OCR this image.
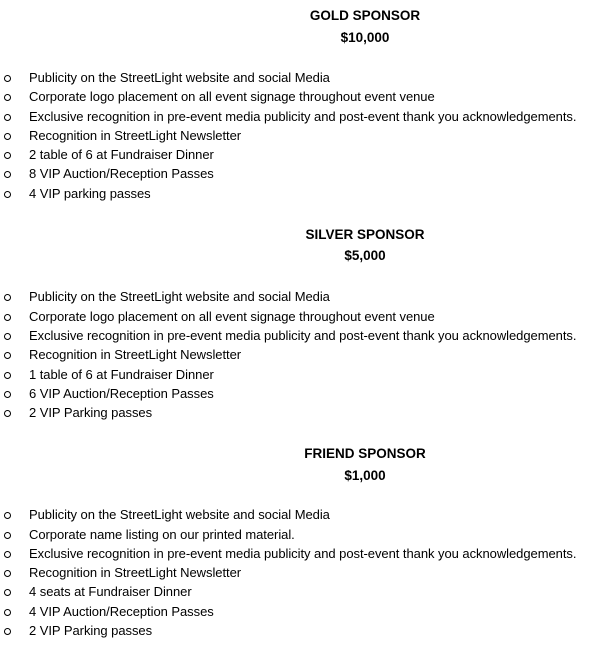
GOLD SPONSOR
$10,000
Publicity on the StreetLight website and social Media
Corporate logo placement on all event signage throughout event venue
Exclusive recognition in pre-event media publicity and post-event thank you acknowledgements.
Recognition in StreetLight Newsletter
2 table of 6 at Fundraiser Dinner
8 VIP Auction/Reception Passes
4 VIP parking passes
SILVER SPONSOR
$5,000
Publicity on the StreetLight website and social Media
Corporate logo placement on all event signage throughout event venue
Exclusive recognition in pre-event media publicity and post-event thank you acknowledgements.
Recognition in StreetLight Newsletter
1 table of 6 at Fundraiser Dinner
6 VIP Auction/Reception Passes
2 VIP Parking passes
FRIEND SPONSOR
$1,000
Publicity on the StreetLight website and social Media
Corporate name listing on our printed material.
Exclusive recognition in pre-event media publicity and post-event thank you acknowledgements.
Recognition in StreetLight Newsletter
4 seats at Fundraiser Dinner
4 VIP Auction/Reception Passes
2 VIP Parking passes
